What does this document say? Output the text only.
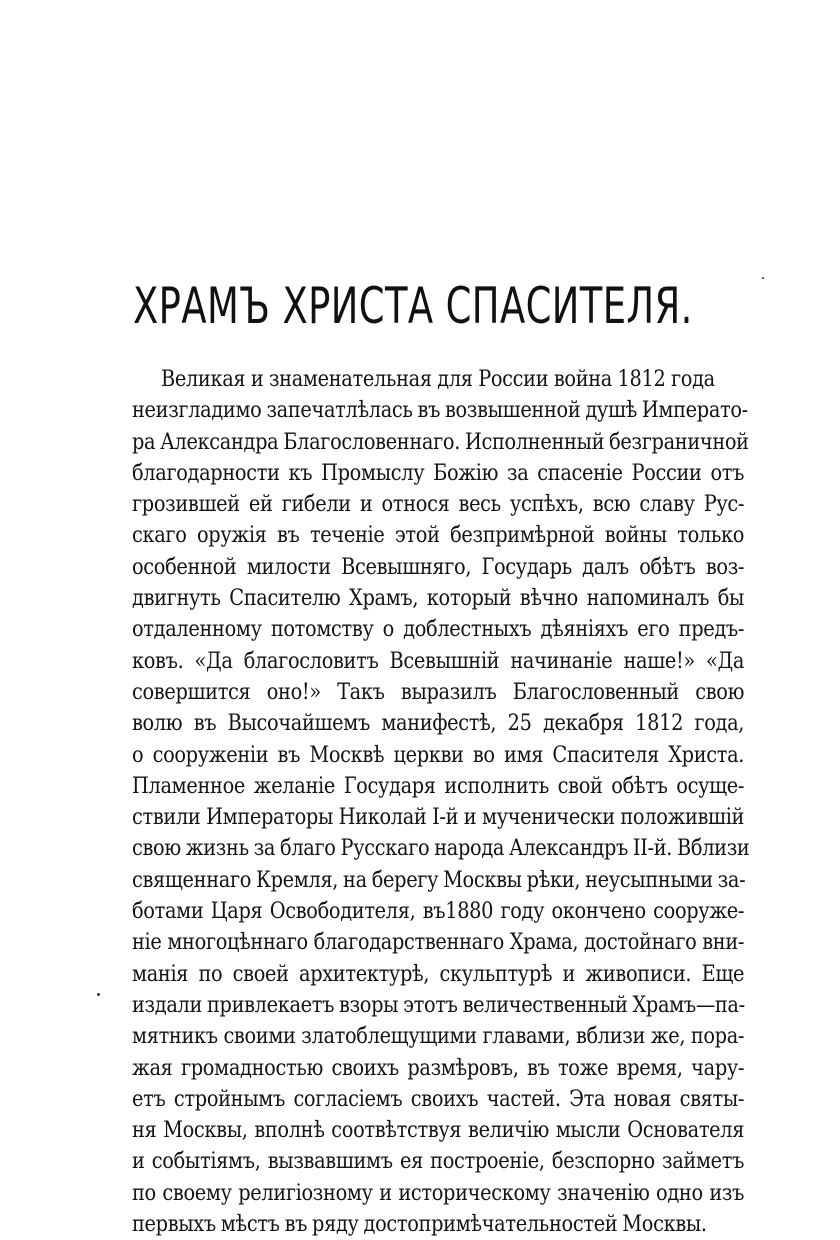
ХРАМЪ ХРИСТА СПАСИТЕЛЯ.
Великая и знаменательная для России война 1812 года
неизгладимо запечатлѣлась въ возвышенной душѣ Императо-
ра Александра Благословеннаго. Исполненный безграничной
благодарности къ Промыслу Божію за спасеніе России отъ
грозившей ей гибели и относя весь успѣхъ, всю славу Рус-
скаго оружія въ теченіе этой безпримѣрной войны только
особенной милости Всевышняго, Государь далъ обѣтъ воз-
двигнуть Спасителю Храмъ, который вѣчно напоминалъ бы
отдаленному потомству о доблестныхъ дѣяніяхъ его предъ-
ковъ. «Да благословитъ Всевышній начинаніе наше!» «Да
совершится оно!» Такъ выразилъ Благословенный свою
волю въ Высочайшемъ манифестѣ, 25 декабря 1812 года,
о сооруженіи въ Москвѣ церкви во имя Спасителя Христа.
Пламенное желаніе Государя исполнить свой обѣтъ осуще-
ствили Императоры Николай І-й и мученически положившій
свою жизнь за благо Русскаго народа Александръ II-й. Вблизи
священнаго Кремля, на берегу Москвы рѣки, неусыпными за-
ботами Царя Освободителя, въ1880 году окончено сооруже-
ніе многоцѣннаго благодарственнаго Храма, достойнаго вни-
манія по своей архитектурѣ, скульптурѣ и живописи. Еще
издали привлекаетъ взоры этотъ величественный Храмъ—па-
мятникъ своими златоблещущими главами, вблизи же, пора-
жая громадностью своихъ размѣровъ, въ тоже время, чару-
етъ стройнымъ согласіемъ своихъ частей. Эта новая святы-
ня Москвы, вполнѣ соотвѣтствуя величію мысли Основателя
и событіямъ, вызвавшимъ ея построеніе, безспорно займетъ
по своему религіозному и историческому значенію одно изъ
первыхъ мѣстъ въ ряду достопримѣчательностей Москвы.
